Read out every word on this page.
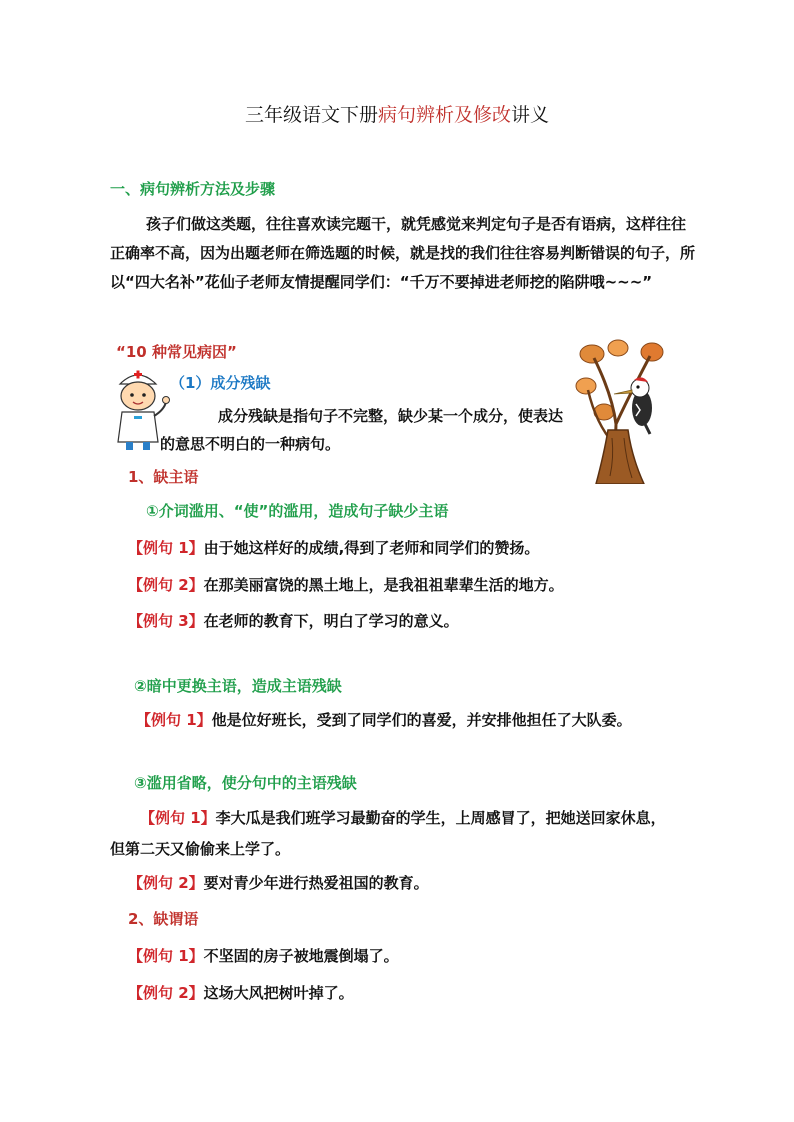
三年级语文下册病句辨析及修改讲义
一、病句辨析方法及步骤
孩子们做这类题，往往喜欢读完题干，就凭感觉来判定句子是否有语病，这样往往
正确率不高，因为出题老师在筛选题的时候，就是找的我们往往容易判断错误的句子，所
以“四大名补”花仙子老师友情提醒同学们：“千万不要掉进老师挖的陷阱哦~~~”
“10 种常见病因”
（1）成分残缺
成分残缺是指句子不完整，缺少某一个成分，使表达
的意思不明白的一种病句。
1、缺主语
①介词滥用、“使”的滥用，造成句子缺少主语
【例句 1】由于她这样好的成绩,得到了老师和同学们的赞扬。
【例句 2】在那美丽富饶的黑土地上，是我祖祖辈辈生活的地方。
【例句 3】在老师的教育下，明白了学习的意义。
②暗中更换主语，造成主语残缺
【例句 1】他是位好班长，受到了同学们的喜爱，并安排他担任了大队委。
③滥用省略，使分句中的主语残缺
【例句 1】李大瓜是我们班学习最勤奋的学生，上周感冒了，把她送回家休息，
但第二天又偷偷来上学了。
【例句 2】要对青少年进行热爱祖国的教育。
2、缺谓语
【例句 1】不坚固的房子被地震倒塌了。
【例句 2】这场大风把树叶掉了。
